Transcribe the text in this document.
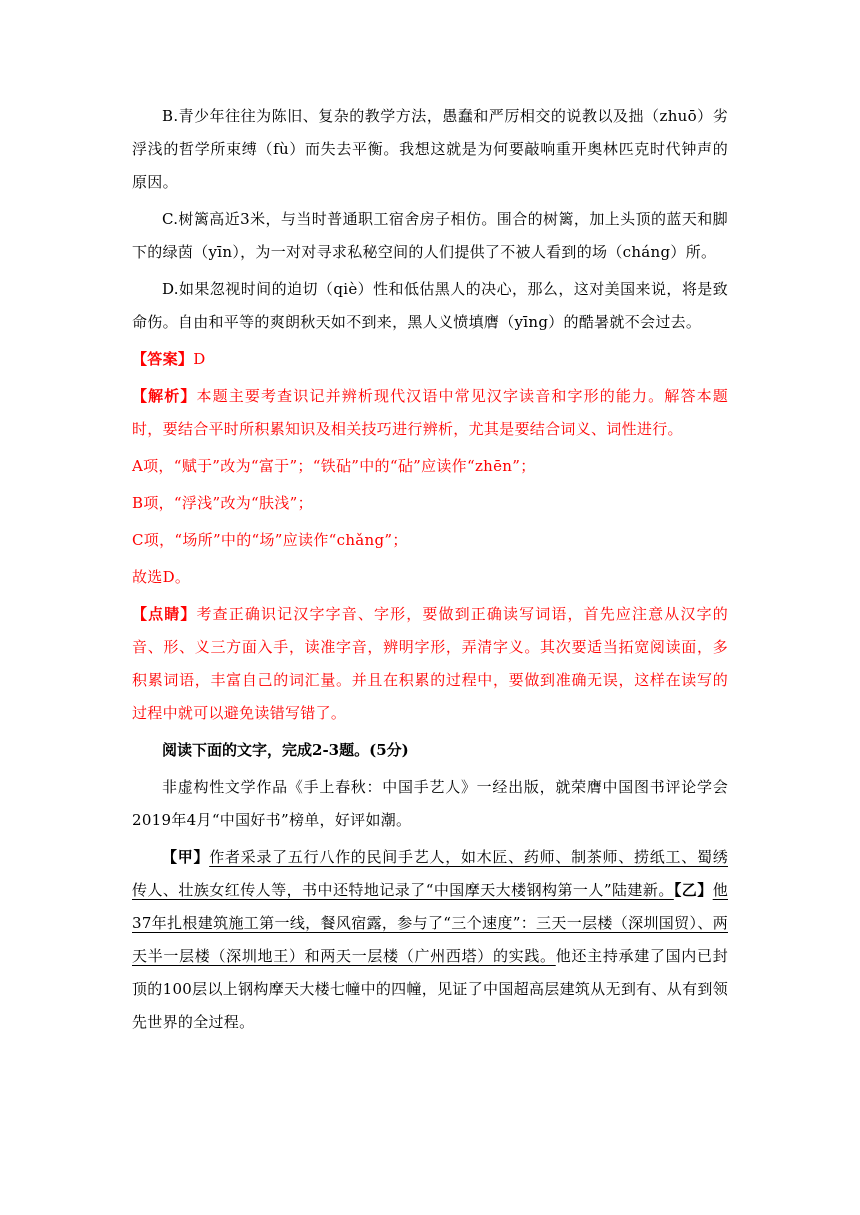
B.青少年往往为陈旧、复杂的教学方法，愚蠢和严厉相交的说教以及拙（zhuō）劣浮浅的哲学所束缚（fù）而失去平衡。我想这就是为何要敲响重开奥林匹克时代钟声的原因。

C.树篱高近3米，与当时普通职工宿舍房子相仿。围合的树篱，加上头顶的蓝天和脚下的绿茵（yīn），为一对对寻求私秘空间的人们提供了不被人看到的场（cháng）所。

D.如果忽视时间的迫切（qiè）性和低估黑人的决心，那么，这对美国来说，将是致命伤。自由和平等的爽朗秋天如不到来，黑人义愤填膺（yīng）的酷暑就不会过去。

【答案】D

【解析】本题主要考查识记并辨析现代汉语中常见汉字读音和字形的能力。解答本题时，要结合平时所积累知识及相关技巧进行辨析，尤其是要结合词义、词性进行。

A项，“赋于”改为“富于”；“铁砧”中的“砧”应读作“zhēn”；

B项，“浮浅”改为“肤浅”；

C项，“场所”中的“场”应读作“chǎng”；

故选D。

【点睛】考查正确识记汉字字音、字形，要做到正确读写词语，首先应注意从汉字的音、形、义三方面入手，读准字音，辨明字形，弄清字义。其次要适当拓宽阅读面，多积累词语，丰富自己的词汇量。并且在积累的过程中，要做到准确无误，这样在读写的过程中就可以避免读错写错了。

阅读下面的文字，完成2-3题。(5分)

非虚构性文学作品《手上春秋：中国手艺人》一经出版，就荣膺中国图书评论学会2019年4月“中国好书”榜单，好评如潮。

【甲】作者采录了五行八作的民间手艺人，如木匠、药师、制茶师、捞纸工、蜀绣传人、壮族女红传人等，书中还特地记录了“中国摩天大楼钢构第一人”陆建新。【乙】他37年扎根建筑施工第一线，餐风宿露，参与了“三个速度”：三天一层楼（深圳国贸）、两天半一层楼（深圳地王）和两天一层楼（广州西塔）的实践。他还主持承建了国内已封顶的100层以上钢构摩天大楼七幢中的四幢，见证了中国超高层建筑从无到有、从有到领先世界的全过程。
